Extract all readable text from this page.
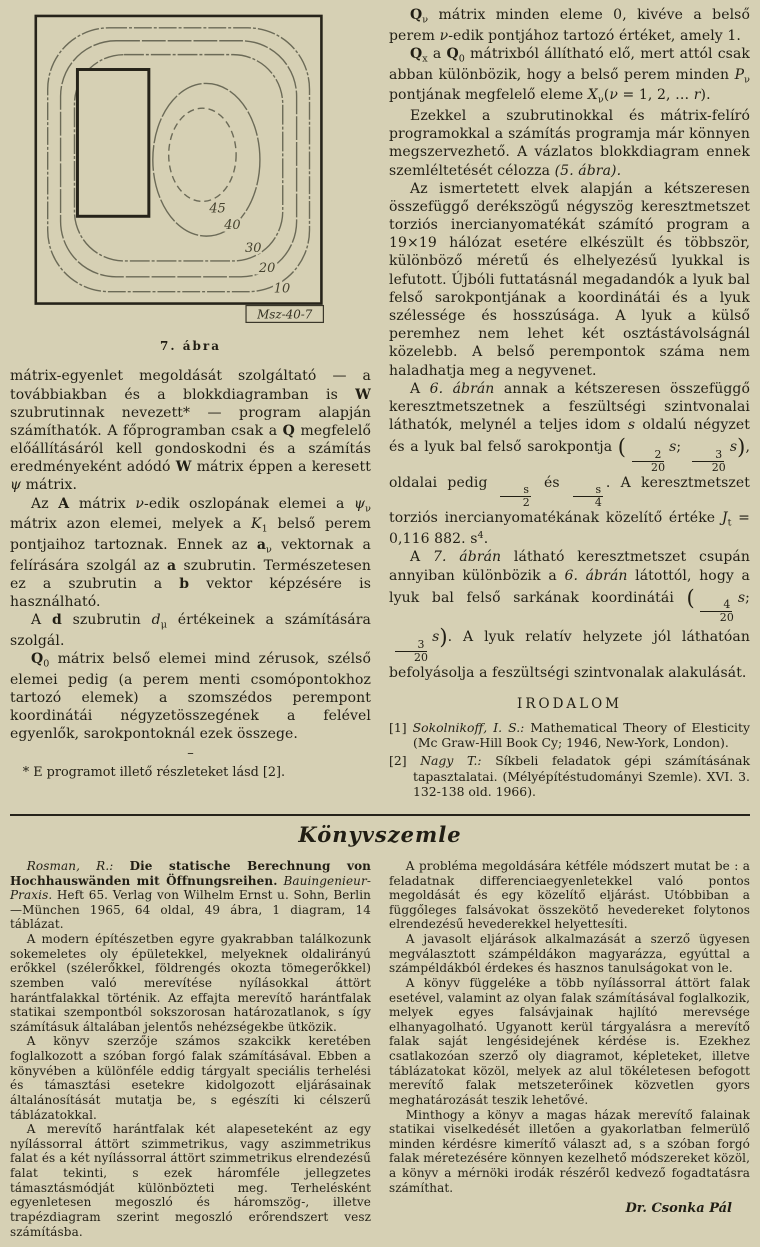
45
40
30
20
10
Msz-40-7
7. ábra

mátrix-egyenlet megoldását szolgáltató — a továbbiakban és a blokkdiagramban is W szubrutinnak nevezett* — program alapján számíthatók. A főprogramban csak a Q megfelelő előállításáról kell gondoskodni és a számítás eredményeként adódó W mátrix éppen a keresett ψ mátrix.

Az A mátrix ν-edik oszlopának elemei a $\psi_\nu$ mátrix azon elemei, melyek a $K_1$ belső perem pontjaihoz tartoznak. Ennek az $a_\nu$ vektornak a felírására szolgál az a szubrutin. Természetesen ez a szubrutin a b vektor képzésére is használható.

A d szubrutin $d_\mu$ értékeinek a számítására szolgál.

$Q_0$ mátrix belső elemei mind zérusok, szélső elemei pedig (a perem menti csomópontokhoz tartozó elemek) a szomszédos perempont koordinátái négyzetösszegének a felével egyenlők, sarokpontoknál ezek összege.

–
* E programot illető részleteket lásd [2].

$Q_\nu$ mátrix minden eleme 0, kivéve a belső perem ν-edik pontjához tartozó értéket, amely 1.

$Q_x$ a $Q_0$ mátrixból állítható elő, mert attól csak abban különbözik, hogy a belső perem minden $P_\nu$ pontjának megfelelő eleme $X_\nu(\nu = 1$, 2, … r).

Ezekkel a szubrutinokkal és mátrix-felíró programokkal a számítás programja már könnyen megszervezhető. A vázlatos blokkdiagram ennek szemléltetését célozza (5. ábra).

Az ismertetett elvek alapján a kétszeresen összefüggő derékszögű négyszög keresztmetszet torziós inercianyomatékát számító program a 19×19 hálózat esetére elkészült és többször, különböző méretű és elhelyezésű lyukkal is lefutott. Újbóli futtatásnál megadandók a lyuk bal felső sarokpontjának a koordinátái és a lyuk szélessége és hosszúsága. A lyuk a külső peremhez nem lehet két osztástávolságnál közelebb. A belső perempontok száma nem haladhatja meg a negyvenet.

A 6. ábrán annak a kétszeresen összefüggő keresztmetszetnek a feszültségi szintvonalai láthatók, melynél a teljes idom s oldalú négyzet és a lyuk bal felső sarokpontja (
$\frac{2}{20}$
s;
$\frac{3}{20}$
s), oldalai pedig
$\frac{s}{2}$
és
$\frac{s}{4}$
. A keresztmetszet torziós inercianyomatékának közelítő értéke $J_t = 0,116$ 882. $s^4$.

A 7. ábrán látható keresztmetszet csupán annyiban különbözik a 6. ábrán látottól, hogy a lyuk bal felső sarkának koordinátái (
$\frac{4}{20}$
s;
$\frac{3}{20}$
s). A lyuk relatív helyzete jól láthatóan befolyásolja a feszültségi szintvonalak alakulását.

IRODALOM

[1] Sokolnikoff, I. S.: Mathematical Theory of Elesticity (Mc Graw-Hill Book Cy; 1946, New-York, London).

[2] Nagy T.: Síkbeli feladatok gépi számításának tapasztalatai. (Mélyépítéstudományi Szemle). XVI. 3. 132-138 old. 1966).

Könyvszemle

Rosman, R.: Die statische Berechnung von Hochhauswänden mit Öffnungsreihen. Bauingenieur-Praxis. Heft 65. Verlag von Wilhelm Ernst u. Sohn, Berlin—München 1965, 64 oldal, 49 ábra, 1 diagram, 14 táblázat.

A modern építészetben egyre gyakrabban találkozunk sokemeletes oly épületekkel, melyeknek oldalirányú erőkkel (szélerőkkel, földrengés okozta tömegerőkkel) szemben való merevítése nyílásokkal áttört harántfalakkal történik. Az effajta merevítő harántfalak statikai szempontból sokszorosan határozatlanok, s így számításuk általában jelentős nehézségekbe ütközik.

A könyv szerzője számos szakcikk keretében foglalkozott a szóban forgó falak számításával. Ebben a könyvében a különféle eddig tárgyalt speciális terhelési és támasztási esetekre kidolgozott eljárásainak általánosítását mutatja be, s egészíti ki célszerű táblázatokkal.

A merevítő harántfalak két alapeseteként az egy nyílássorral áttört szimmetrikus, vagy aszimmetrikus falat és a két nyílássorral áttört szimmetrikus elrendezésű falat tekinti, s ezek háromféle jellegzetes támasztásmódját különbözteti meg. Terhelésként egyenletesen megoszló és háromszög-, illetve trapézdiagram szerint megoszló erőrendszert vesz számításba.

A probléma megoldására kétféle módszert mutat be : a feladatnak differenciaegyenletekkel való pontos megoldását és egy közelítő eljárást. Utóbbiban a függőleges falsávokat összekötő hevedereket folytonos elrendezésű hevederekkel helyettesíti.

A javasolt eljárások alkalmazását a szerző ügyesen megválasztott számpéldákon magyarázza, egyúttal a számpéldákból érdekes és hasznos tanulságokat von le.

A könyv függeléke a több nyílássorral áttört falak esetével, valamint az olyan falak számításával foglalkozik, melyek egyes falsávjainak hajlító merevsége elhanyagolható. Ugyanott kerül tárgyalásra a merevítő falak saját lengésidejének kérdése is. Ezekhez csatlakozóan szerző oly diagramot, képleteket, illetve táblázatokat közöl, melyek az alul tökéletesen befogott merevítő falak metszeterőinek közvetlen gyors meghatározását teszik lehetővé.

Minthogy a könyv a magas házak merevítő falainak statikai viselkedését illetően a gyakorlatban felmerülő minden kérdésre kimerítő választ ad, s a szóban forgó falak méretezésére könnyen kezelhető módszereket közöl, a könyv a mérnöki irodák részéről kedvező fogadtatásra számíthat.

Dr. Csonka Pál
